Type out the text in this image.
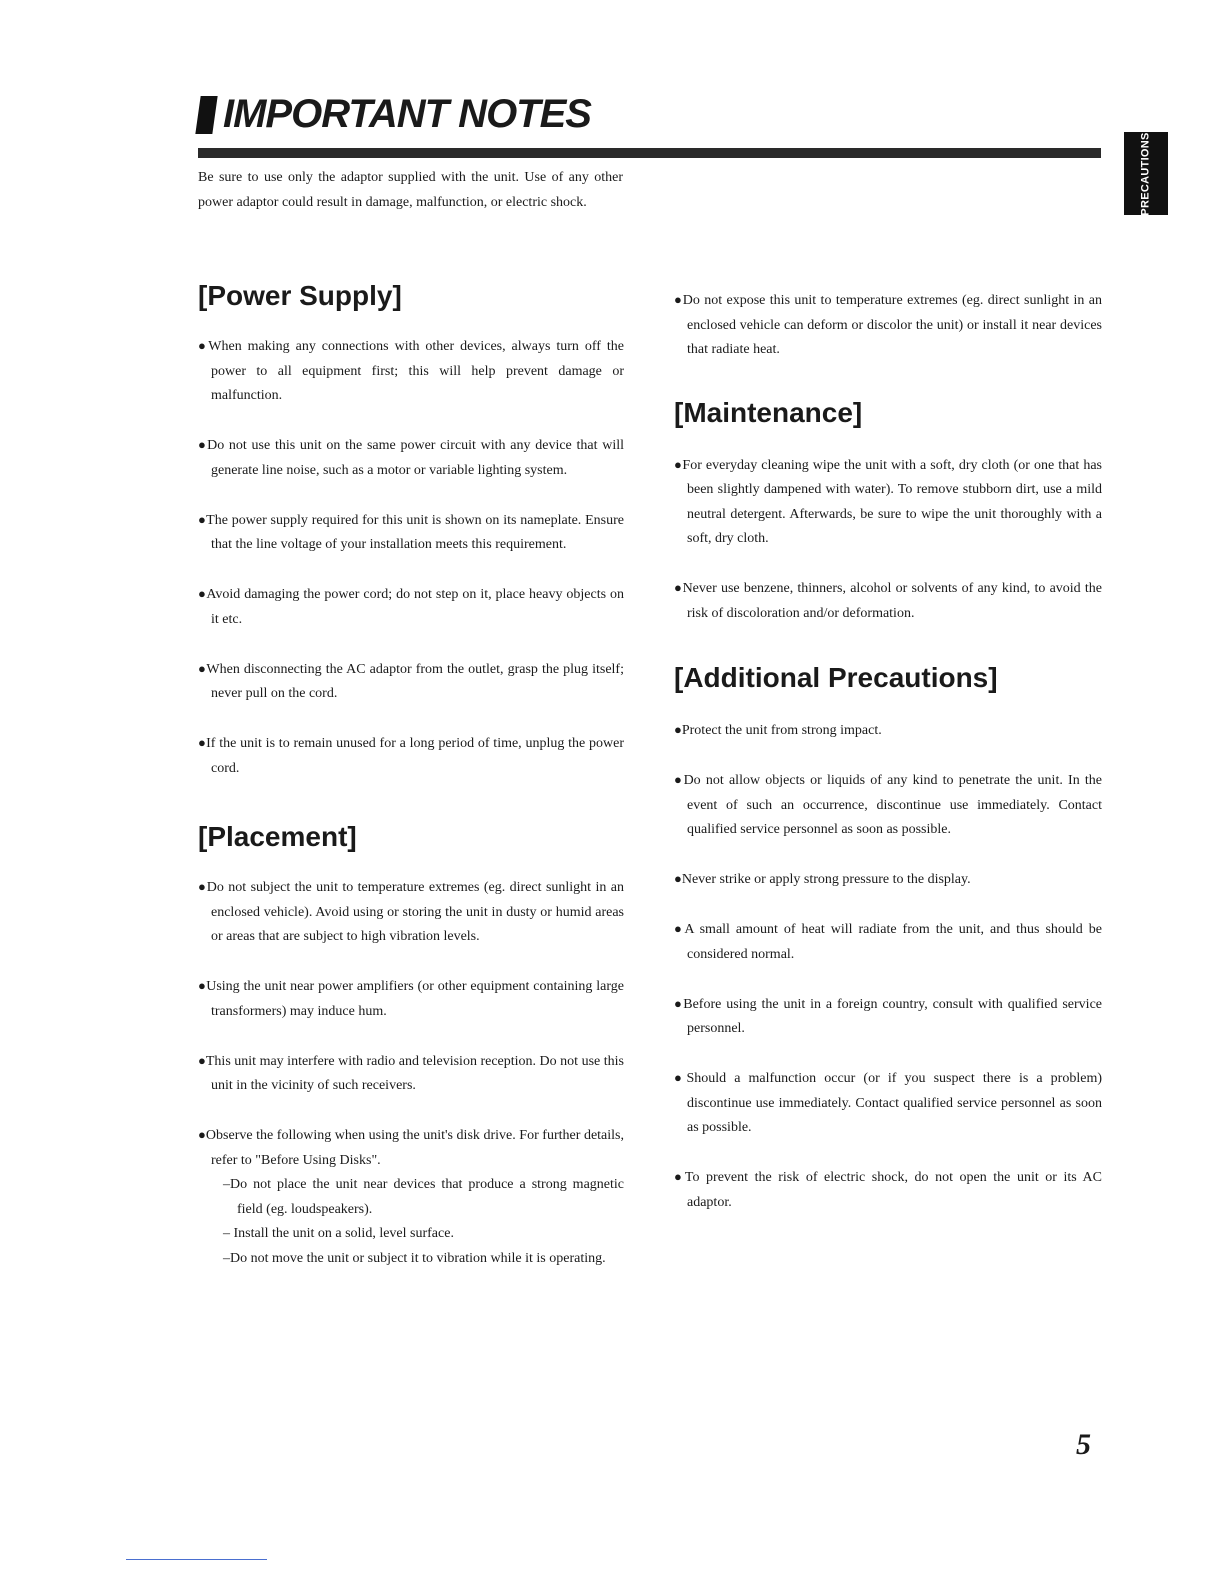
IMPORTANT NOTES
PRECAUTIONS

Be sure to use only the adaptor supplied with the unit. Use of any other power adaptor could result in damage, malfunction, or electric shock.

[Power Supply]
●When making any connections with other devices, always turn off the power to all equipment first; this will help prevent damage or malfunction.
●Do not use this unit on the same power circuit with any device that will generate line noise, such as a motor or variable lighting system.
●The power supply required for this unit is shown on its nameplate. Ensure that the line voltage of your installation meets this requirement.
●Avoid damaging the power cord; do not step on it, place heavy objects on it etc.
●When disconnecting the AC adaptor from the outlet, grasp the plug itself; never pull on the cord.
●If the unit is to remain unused for a long period of time, unplug the power cord.
[Placement]
●Do not subject the unit to temperature extremes (eg. direct sunlight in an enclosed vehicle). Avoid using or storing the unit in dusty or humid areas or areas that are subject to high vibration levels.
●Using the unit near power amplifiers (or other equipment containing large transformers) may induce hum.
●This unit may interfere with radio and television reception. Do not use this unit in the vicinity of such receivers.
●Observe the following when using the unit's disk drive. For further details, refer to "Before Using Disks".
–Do not place the unit near devices that produce a strong magnetic field (eg. loudspeakers).
– Install the unit on a solid, level surface.
–Do not move the unit or subject it to vibration while it is operating.
●Do not expose this unit to temperature extremes (eg. direct sunlight in an enclosed vehicle can deform or discolor the unit) or install it near devices that radiate heat.
[Maintenance]
●For everyday cleaning wipe the unit with a soft, dry cloth (or one that has been slightly dampened with water). To remove stubborn dirt, use a mild neutral detergent. Afterwards, be sure to wipe the unit thoroughly with a soft, dry cloth.
●Never use benzene, thinners, alcohol or solvents of any kind, to avoid the risk of discoloration and/or deformation.
[Additional Precautions]
●Protect the unit from strong impact.
●Do not allow objects or liquids of any kind to penetrate the unit. In the event of such an occurrence, discontinue use immediately. Contact qualified service personnel as soon as possible.
●Never strike or apply strong pressure to the display.
●A small amount of heat will radiate from the unit, and thus should be considered normal.
●Before using the unit in a foreign country, consult with qualified service personnel.
●Should a malfunction occur (or if you suspect there is a problem) discontinue use immediately. Contact qualified service personnel as soon as possible.
●To prevent the risk of electric shock, do not open the unit or its AC adaptor.
5
